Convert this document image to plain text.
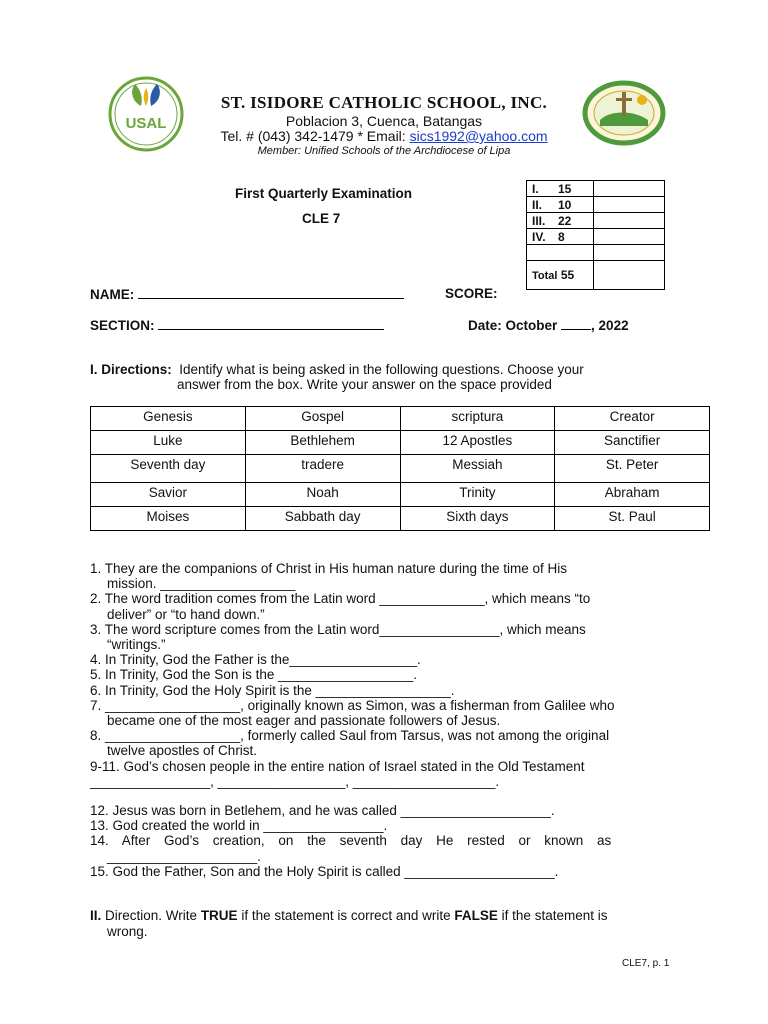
USAL
ST. ISIDORE CATHOLIC SCHOOL, INC.
Poblacion 3, Cuenca, Batangas
Tel. # (043) 342-1479 * Email: sics1992@yahoo.com
Member: Unified Schools of the Archdiocese of Lipa
First Quarterly Examination
CLE 7
I. 15	
II. 10	
III. 22	
IV. 8	

Total 55	
NAME:	SCORE:
SECTION:	Date: October	, 2022
I. Directions: Identify what is being asked in the following questions. Choose your
answer from the box. Write your answer on the space provided
Genesis	Gospel	scriptura	Creator
Luke	Bethlehem	12 Apostles	Sanctifier
Seventh day	tradere	Messiah	St. Peter
Savior	Noah	Trinity	Abraham
Moises	Sabbath day	Sixth days	St. Paul
1. They are the companions of Christ in His human nature during the time of His
mission. __________________
2. The word tradition comes from the Latin word ______________, which means “to
deliver” or “to hand down.”
3. The word scripture comes from the Latin word________________, which means
“writings.”
4. In Trinity, God the Father is the_________________.
5. In Trinity, God the Son is the __________________.
6. In Trinity, God the Holy Spirit is the __________________.
7. __________________, originally known as Simon, was a fisherman from Galilee who
became one of the most eager and passionate followers of Jesus.
8. __________________, formerly called Saul from Tarsus, was not among the original
twelve apostles of Christ.
9-11. God’s chosen people in the entire nation of Israel stated in the Old Testament
________________, _________________, ___________________.
12. Jesus was born in Betlehem, and he was called ____________________.
13. God created the world in ________________.
14. After God’s creation, on the seventh day He rested or known as
____________________.
15. God the Father, Son and the Holy Spirit is called ____________________.
II. Direction. Write TRUE if the statement is correct and write FALSE if the statement is
wrong.
CLE7, p. 1
